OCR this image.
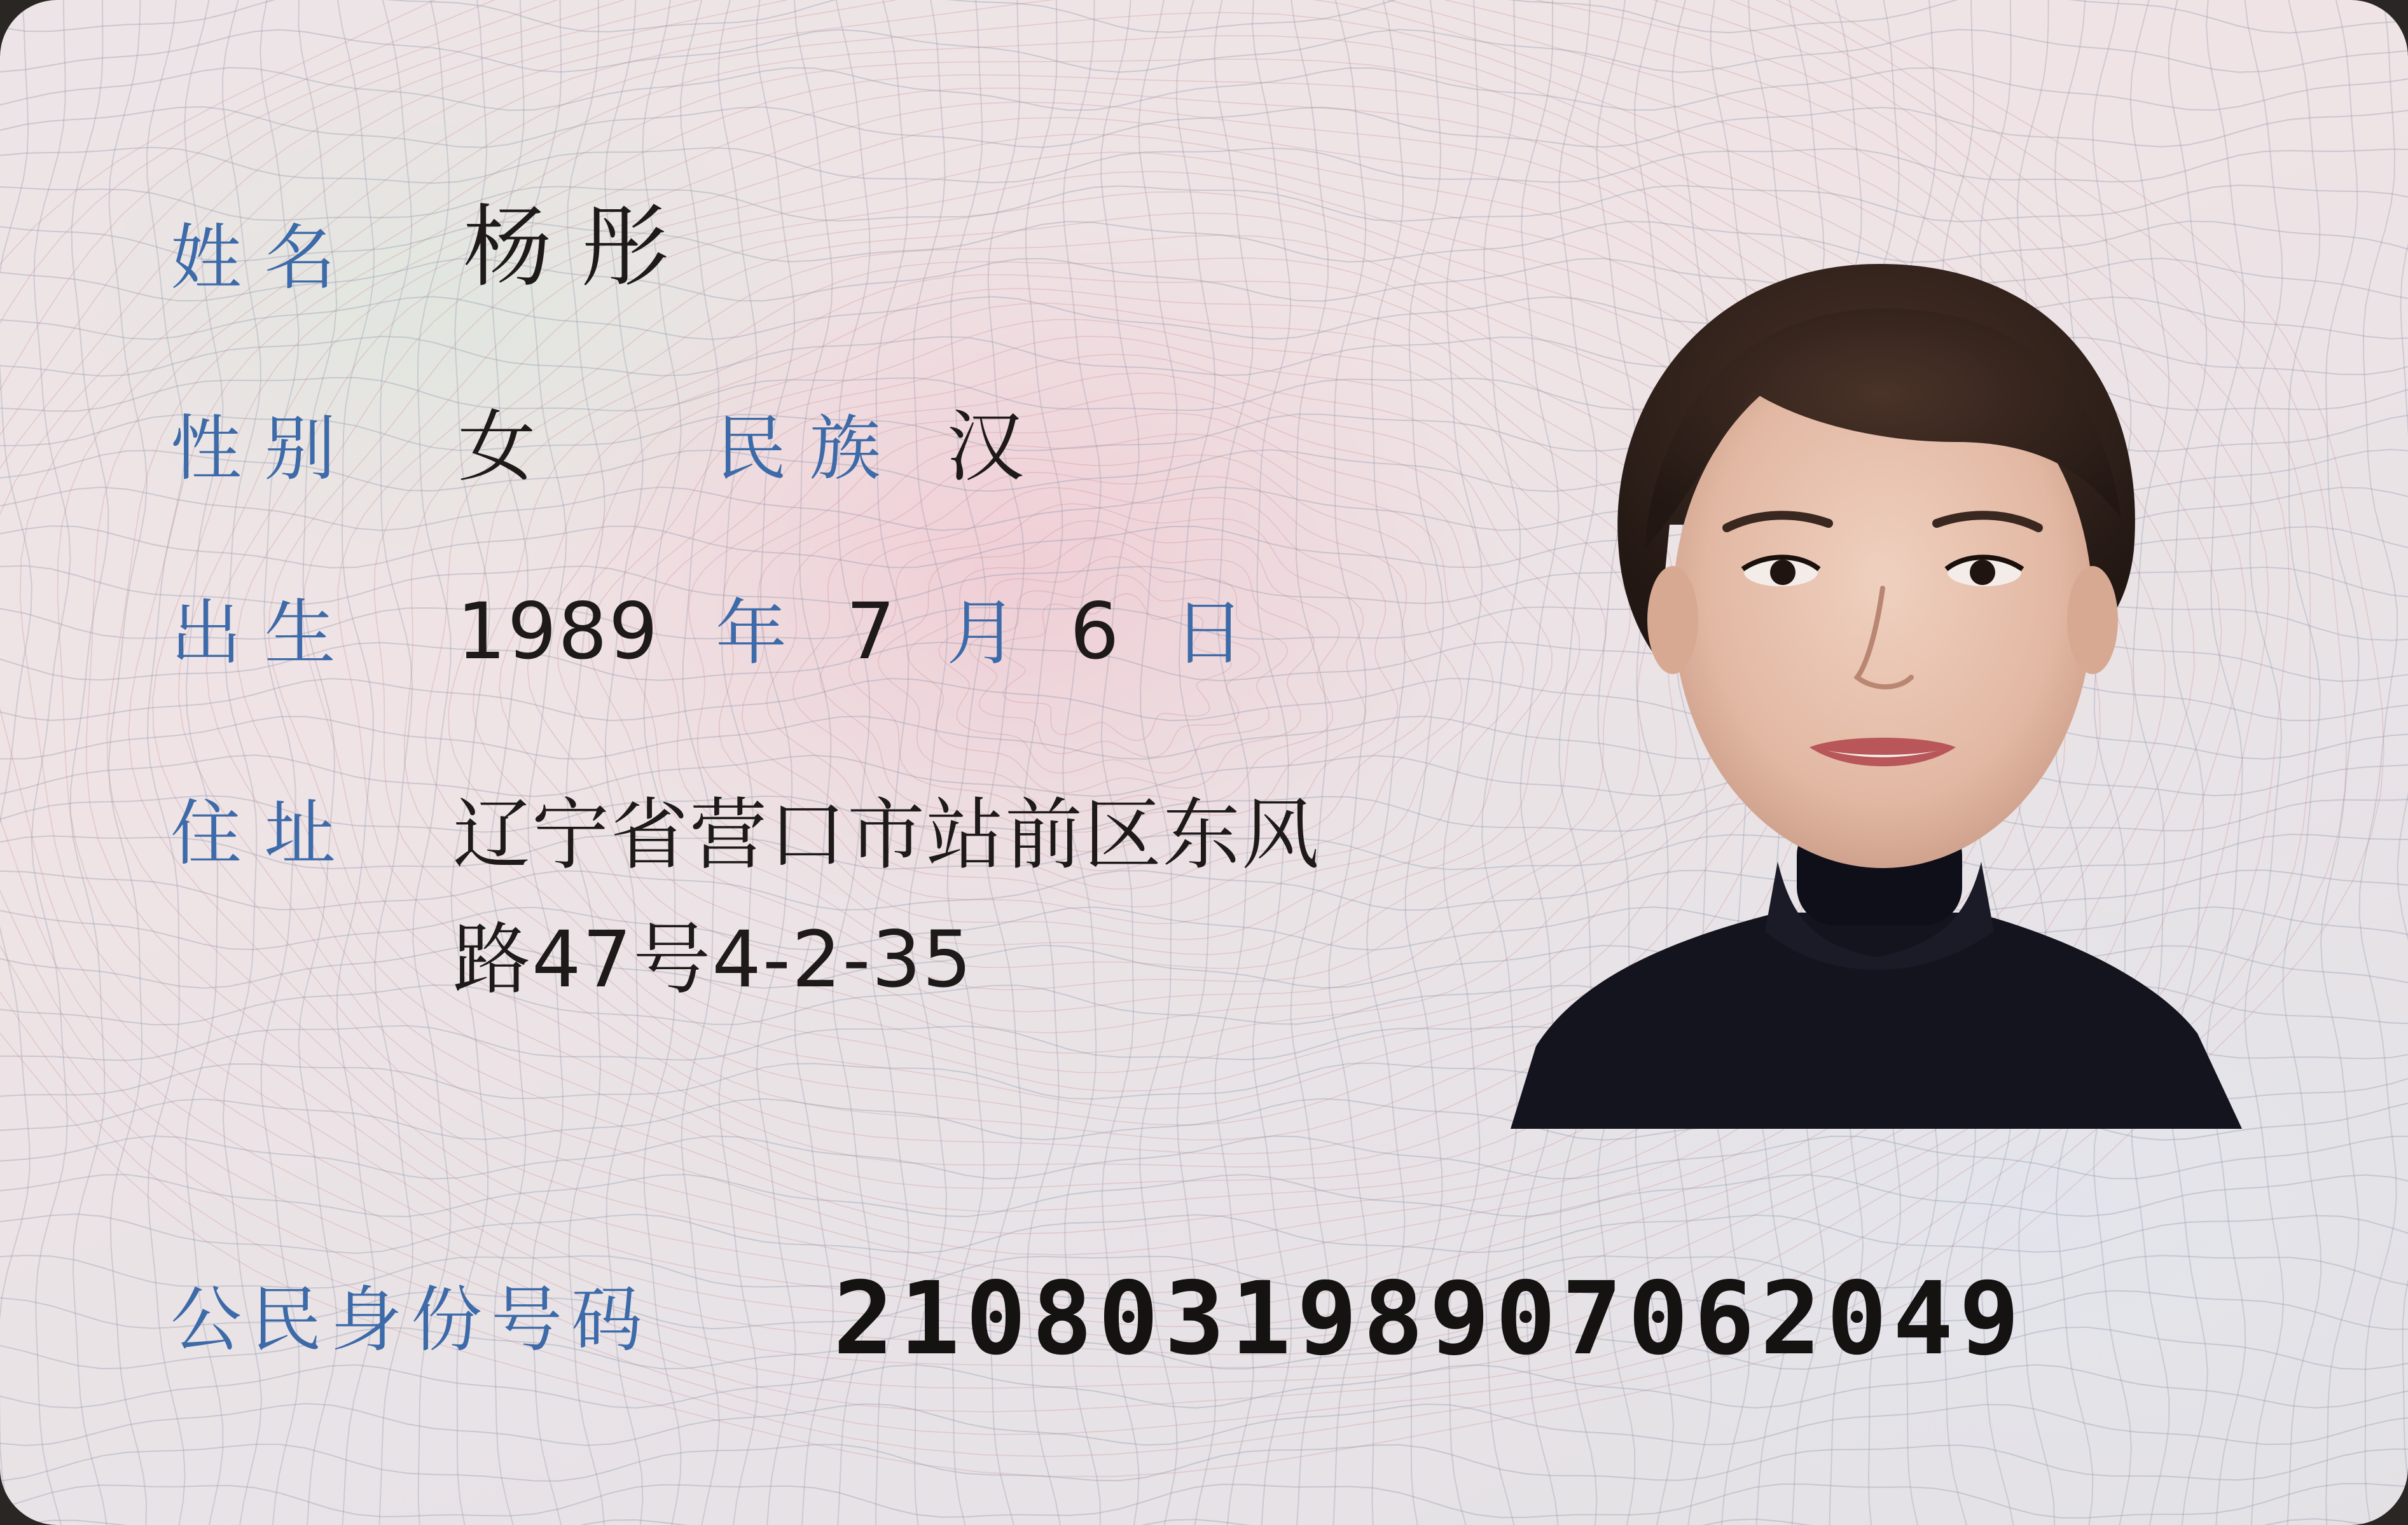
姓 名 杨 彤
性 别 女	民 族 汉
出 生 1989 年 7 月 6 日
住 址 辽宁省营口市站前区东风
路47号4-2-35
公民身份号码 210803198907062049
